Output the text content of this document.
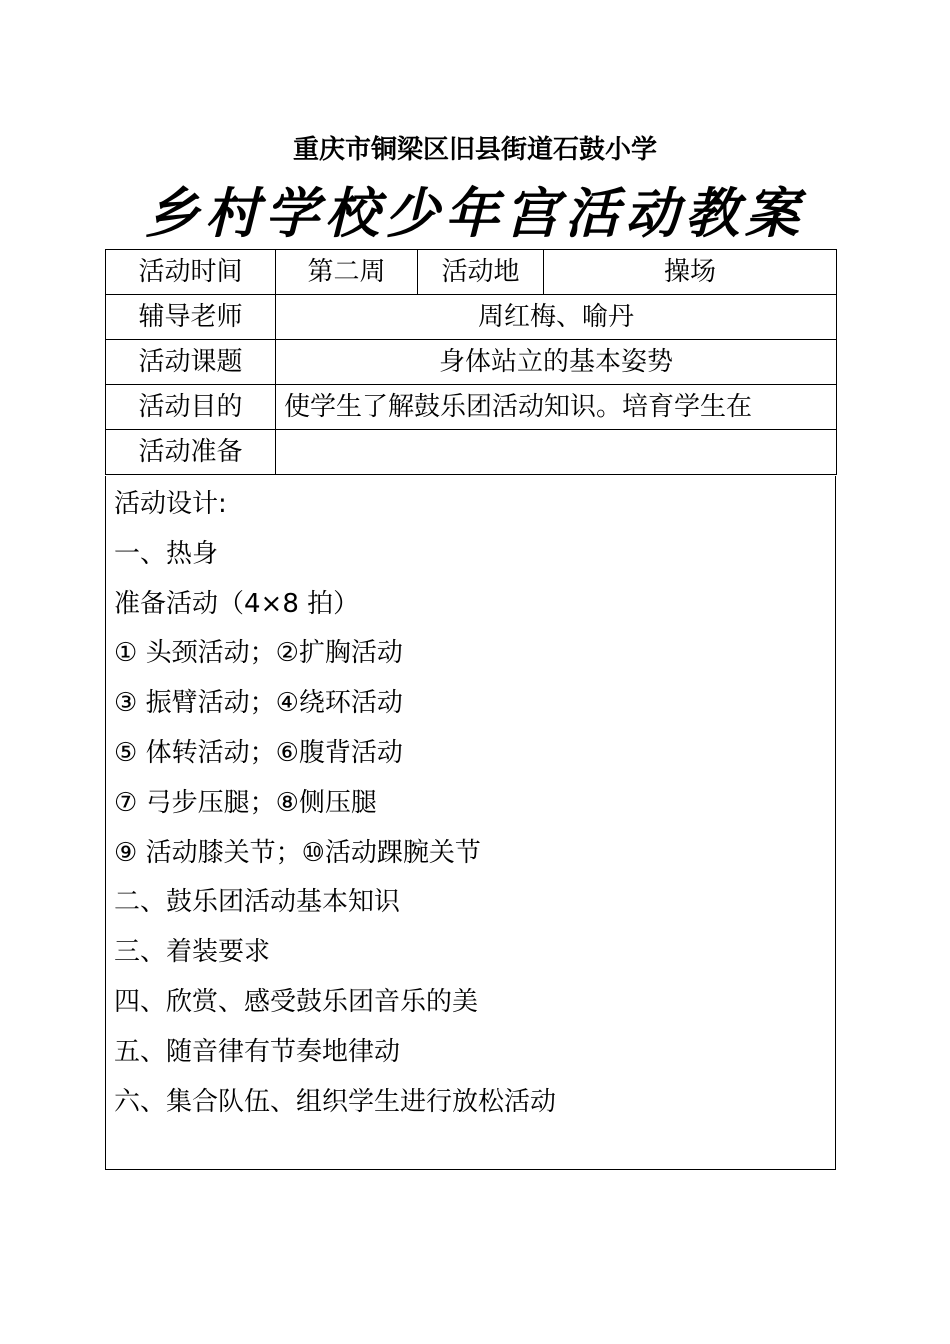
重庆市铜梁区旧县街道石鼓小学
乡村学校少年宫活动教案
活动时间	第二周	活动地	操场
辅导老师	周红梅、喻丹		
活动课题	身体站立的基本姿势		
活动目的	使学生了解鼓乐团活动知识。培育学生在		
活动准备			
活动设计:
一、热身
准备活动（4×8 拍）
① 头颈活动；②扩胸活动
③ 振臂活动；④绕环活动
⑤ 体转活动；⑥腹背活动
⑦ 弓步压腿；⑧侧压腿
⑨ 活动膝关节；⑩活动踝腕关节
二、鼓乐团活动基本知识
三、着装要求
四、欣赏、感受鼓乐团音乐的美
五、随音律有节奏地律动
六、集合队伍、组织学生进行放松活动
